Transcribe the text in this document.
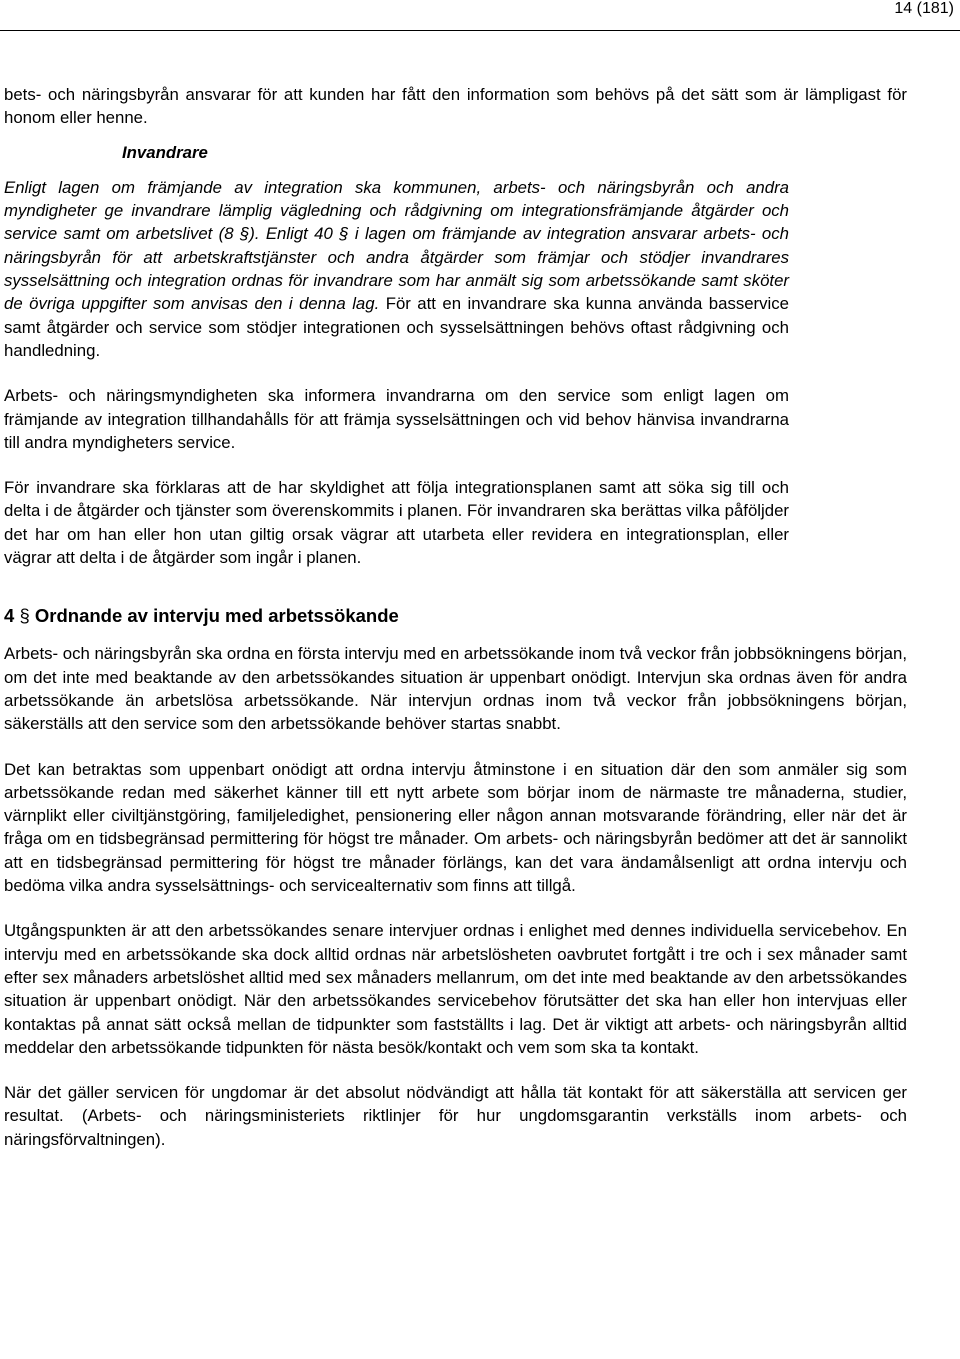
14 (181)

bets- och näringsbyrån ansvarar för att kunden har fått den information som behövs på det sätt som är lämpligast för honom eller henne.

Invandrare

Enligt lagen om främjande av integration ska kommunen, arbets- och näringsbyrån och andra myndigheter ge invandrare lämplig vägledning och rådgivning om integrationsfrämjande åtgärder och service samt om arbetslivet (8 §). Enligt 40 § i lagen om främjande av integration ansvarar arbets- och näringsbyrån för att arbetskraftstjänster och andra åtgärder som främjar och stödjer invandrares sysselsättning och integration ordnas för invandrare som har anmält sig som arbetssökande samt sköter de övriga uppgifter som anvisas den i denna lag. För att en invandrare ska kunna använda basservice samt åtgärder och service som stödjer integrationen och sysselsättningen behövs oftast rådgivning och handledning.

Arbets- och näringsmyndigheten ska informera invandrarna om den service som enligt lagen om främjande av integration tillhandahålls för att främja sysselsättningen och vid behov hänvisa invandrarna till andra myndigheters service.

För invandrare ska förklaras att de har skyldighet att följa integrationsplanen samt att söka sig till och delta i de åtgärder och tjänster som överenskommits i planen. För invandraren ska berättas vilka påföljder det har om han eller hon utan giltig orsak vägrar att utarbeta eller revidera en integrationsplan, eller vägrar att delta i de åtgärder som ingår i planen.

4 § Ordnande av intervju med arbetssökande

Arbets- och näringsbyrån ska ordna en första intervju med en arbetssökande inom två veckor från jobbsökningens början, om det inte med beaktande av den arbetssökandes situation är uppenbart onödigt. Intervjun ska ordnas även för andra arbetssökande än arbetslösa arbetssökande. När intervjun ordnas inom två veckor från jobbsökningens början, säkerställs att den service som den arbetssökande behöver startas snabbt.

Det kan betraktas som uppenbart onödigt att ordna intervju åtminstone i en situation där den som anmäler sig som arbetssökande redan med säkerhet känner till ett nytt arbete som börjar inom de närmaste tre månaderna, studier, värnplikt eller civiltjänstgöring, familjeledighet, pensionering eller någon annan motsvarande förändring, eller när det är fråga om en tidsbegränsad permittering för högst tre månader. Om arbets- och näringsbyrån bedömer att det är sannolikt att en tidsbegränsad permittering för högst tre månader förlängs, kan det vara ändamålsenligt att ordna intervju och bedöma vilka andra sysselsättnings- och servicealternativ som finns att tillgå.

Utgångspunkten är att den arbetssökandes senare intervjuer ordnas i enlighet med dennes individuella servicebehov. En intervju med en arbetssökande ska dock alltid ordnas när arbetslösheten oavbrutet fortgått i tre och i sex månader samt efter sex månaders arbetslöshet alltid med sex månaders mellanrum, om det inte med beaktande av den arbetssökandes situation är uppenbart onödigt. När den arbetssökandes servicebehov förutsätter det ska han eller hon intervjuas eller kontaktas på annat sätt också mellan de tidpunkter som fastställts i lag. Det är viktigt att arbets- och näringsbyrån alltid meddelar den arbetssökande tidpunkten för nästa besök/kontakt och vem som ska ta kontakt.

När det gäller servicen för ungdomar är det absolut nödvändigt att hålla tät kontakt för att säkerställa att servicen ger resultat. (Arbets- och näringsministeriets riktlinjer för hur ungdomsgarantin verkställs inom arbets- och näringsförvaltningen).
